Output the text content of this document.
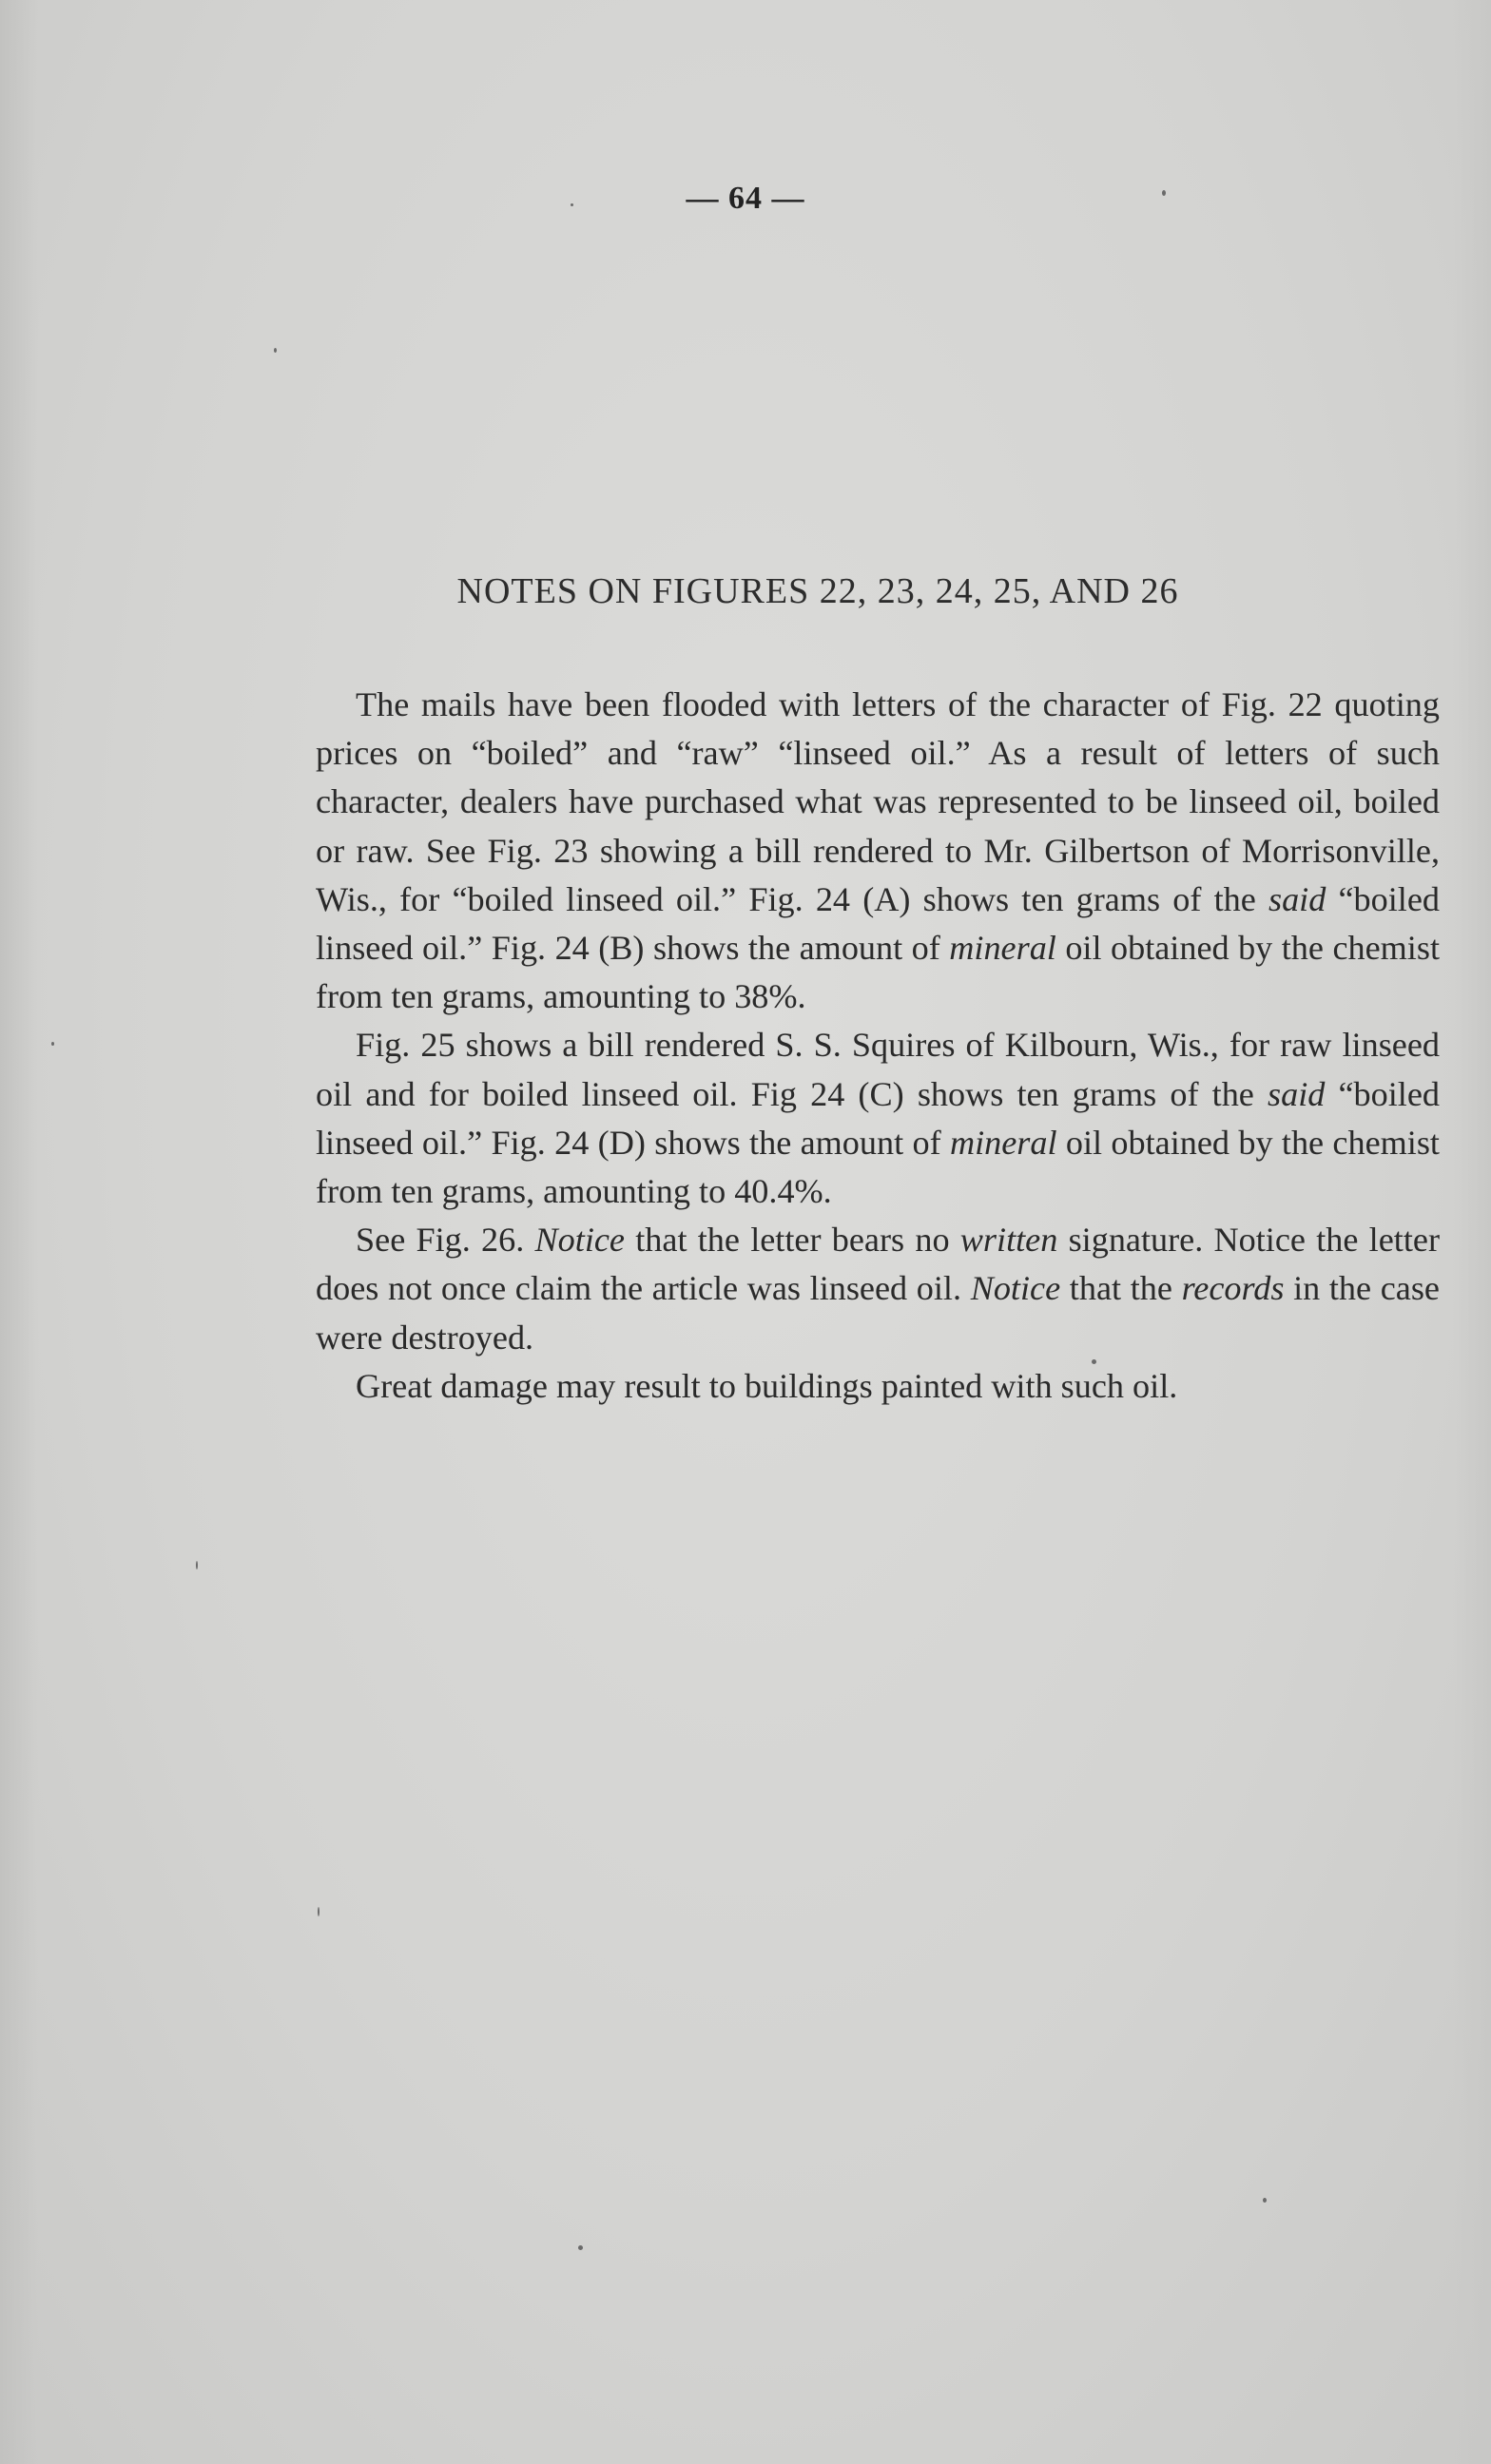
— 64 —
NOTES ON FIGURES 22, 23, 24, 25, AND 26

The mails have been flooded with letters of the character of Fig. 22 quoting prices on “boiled” and “raw” “linseed oil.” As a result of letters of such character, dealers have purchased what was represented to be linseed oil, boiled or raw. See Fig. 23 showing a bill rendered to Mr. Gilbertson of Morrisonville, Wis., for “boiled linseed oil.” Fig. 24 (A) shows ten grams of the said “boiled linseed oil.” Fig. 24 (B) shows the amount of mineral oil obtained by the chemist from ten grams, amounting to 38%.

Fig. 25 shows a bill rendered S. S. Squires of Kilbourn, Wis., for raw linseed oil and for boiled linseed oil. Fig 24 (C) shows ten grams of the said “boiled linseed oil.” Fig. 24 (D) shows the amount of mineral oil obtained by the chemist from ten grams, amounting to 40.4%.

See Fig. 26. Notice that the letter bears no written signature. Notice the letter does not once claim the article was linseed oil. Notice that the records in the case were destroyed.

Great damage may result to buildings painted with such oil.
